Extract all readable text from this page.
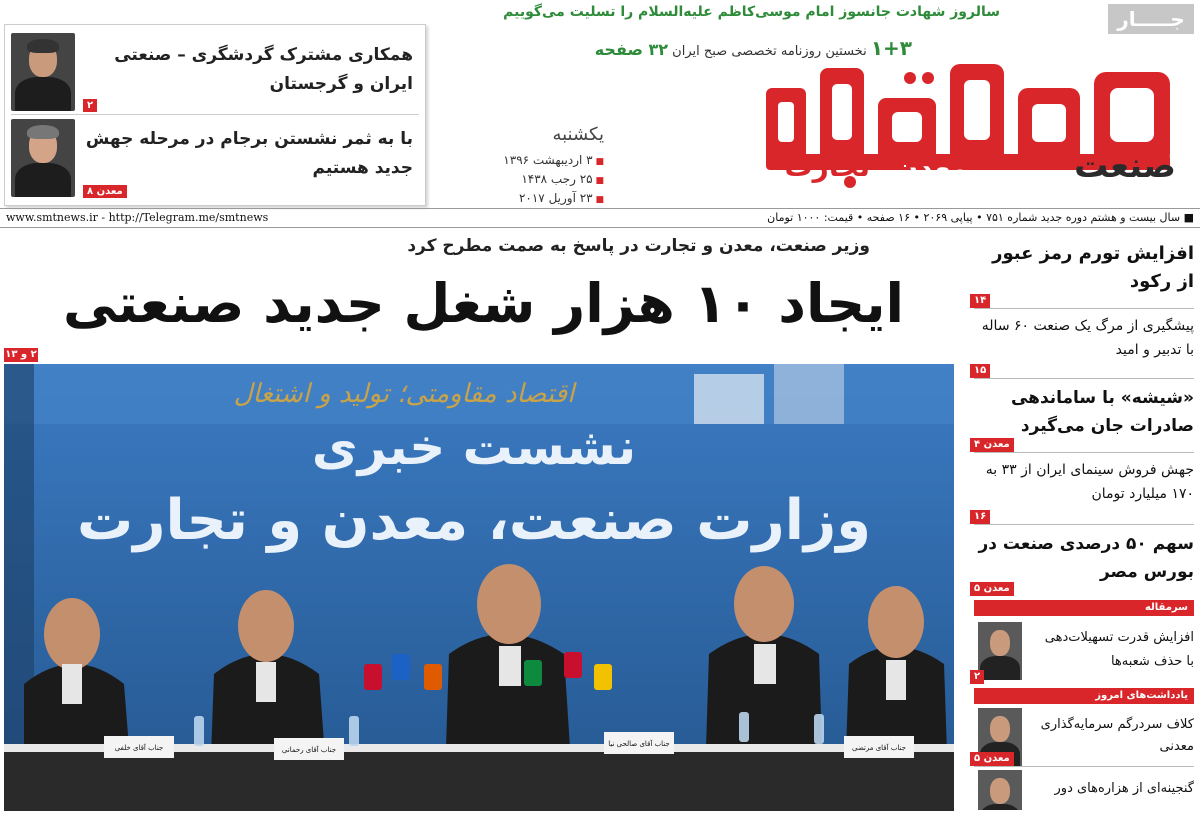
سالروز شهادت جانسوز امام موسی‌کاظم علیه‌السلام را تسلیت می‌گوییم	جـــــار
۱+۳ نخستین روزنامه تخصصی صبح ایران ۳۲ صفحه
صنعت
معدن
تجارت
یکشنبه
■ ۳ اردیبهشت ۱۳۹۶
■ ۲۵ رجب ۱۴۳۸
■ ۲۳ آوریل ۲۰۱۷
همکاری مشترک گردشگری – صنعتی ایران و گرجستان
۲
با به ثمر نشستن برجام در مرحله جهش جدید هستیم
معدن ۸
■ سال بیست و هشتم دوره جدید شماره ۷۵۱ • پیاپی ۲۰۶۹ • ۱۶ صفحه • قیمت: ۱۰۰۰ تومان
www.smtnews.ir - http://Telegram.me/smtnews
وزیر صنعت، معدن و تجارت در پاسخ به صمت مطرح کرد
ایجاد ۱۰ هزار شغل جدید صنعتی
۲ و ۱۳
جناب آقای خلفی	جناب آقای رحمانی
جناب آقای صالحی نیا	جناب آقای مرتضی
اقتصاد مقاومتی؛ تولید و اشتغال
نشست خبری
وزارت صنعت، معدن و تجارت
افزایش تورم رمز عبور از رکود
۱۴
پیشگیری از مرگ یک صنعت ۶۰ ساله با تدبیر و امید
۱۵
«شیشه» با ساماندهی صادرات جان می‌گیرد
معدن ۴
جهش فروش سینمای ایران از ۳۳ به ۱۷۰ میلیارد تومان
۱۶
سهم ۵۰ درصدی صنعت در بورس مصر
معدن ۵
سرمقاله
افزایش قدرت تسهیلات‌دهی با حذف شعبه‌ها
۲
یادداشت‌های امروز
کلاف سردرگم سرمایه‌گذاری معدنی
معدن ۵
گنجینه‌ای از هزاره‌های دور
